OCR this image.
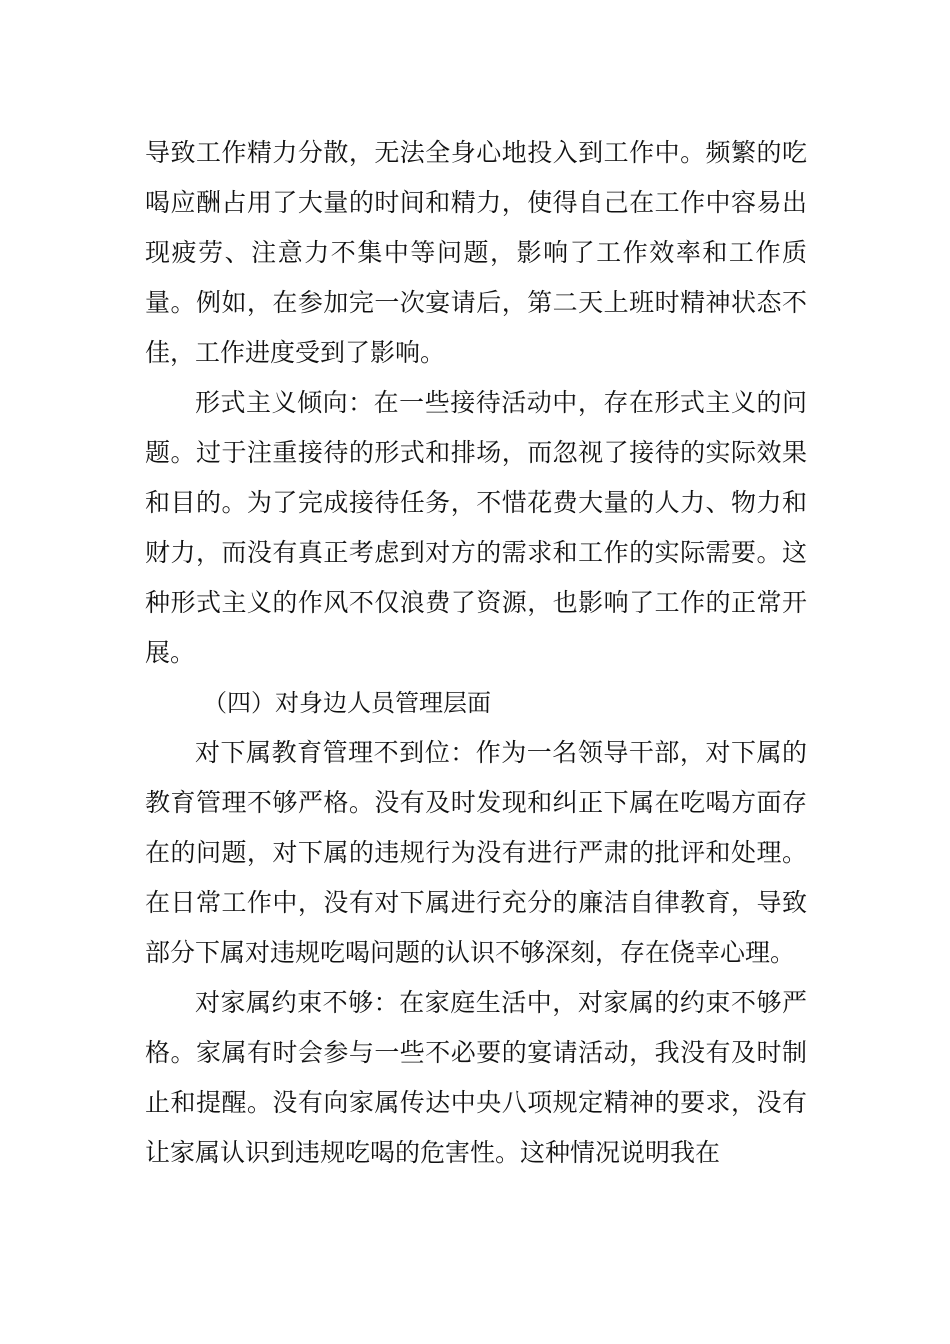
导致工作精力分散，无法全身心地投入到工作中。频繁的吃喝应酬占用了大量的时间和精力，使得自己在工作中容易出现疲劳、注意力不集中等问题，影响了工作效率和工作质量。例如，在参加完一次宴请后，第二天上班时精神状态不佳，工作进度受到了影响。

形式主义倾向：在一些接待活动中，存在形式主义的问题。过于注重接待的形式和排场，而忽视了接待的实际效果和目的。为了完成接待任务，不惜花费大量的人力、物力和财力，而没有真正考虑到对方的需求和工作的实际需要。这种形式主义的作风不仅浪费了资源，也影响了工作的正常开展。

（四）对身边人员管理层面

对下属教育管理不到位：作为一名领导干部，对下属的教育管理不够严格。没有及时发现和纠正下属在吃喝方面存在的问题，对下属的违规行为没有进行严肃的批评和处理。在日常工作中，没有对下属进行充分的廉洁自律教育，导致部分下属对违规吃喝问题的认识不够深刻，存在侥幸心理。

对家属约束不够：在家庭生活中，对家属的约束不够严格。家属有时会参与一些不必要的宴请活动，我没有及时制止和提醒。没有向家属传达中央八项规定精神的要求，没有让家属认识到违规吃喝的危害性。这种情况说明我在
